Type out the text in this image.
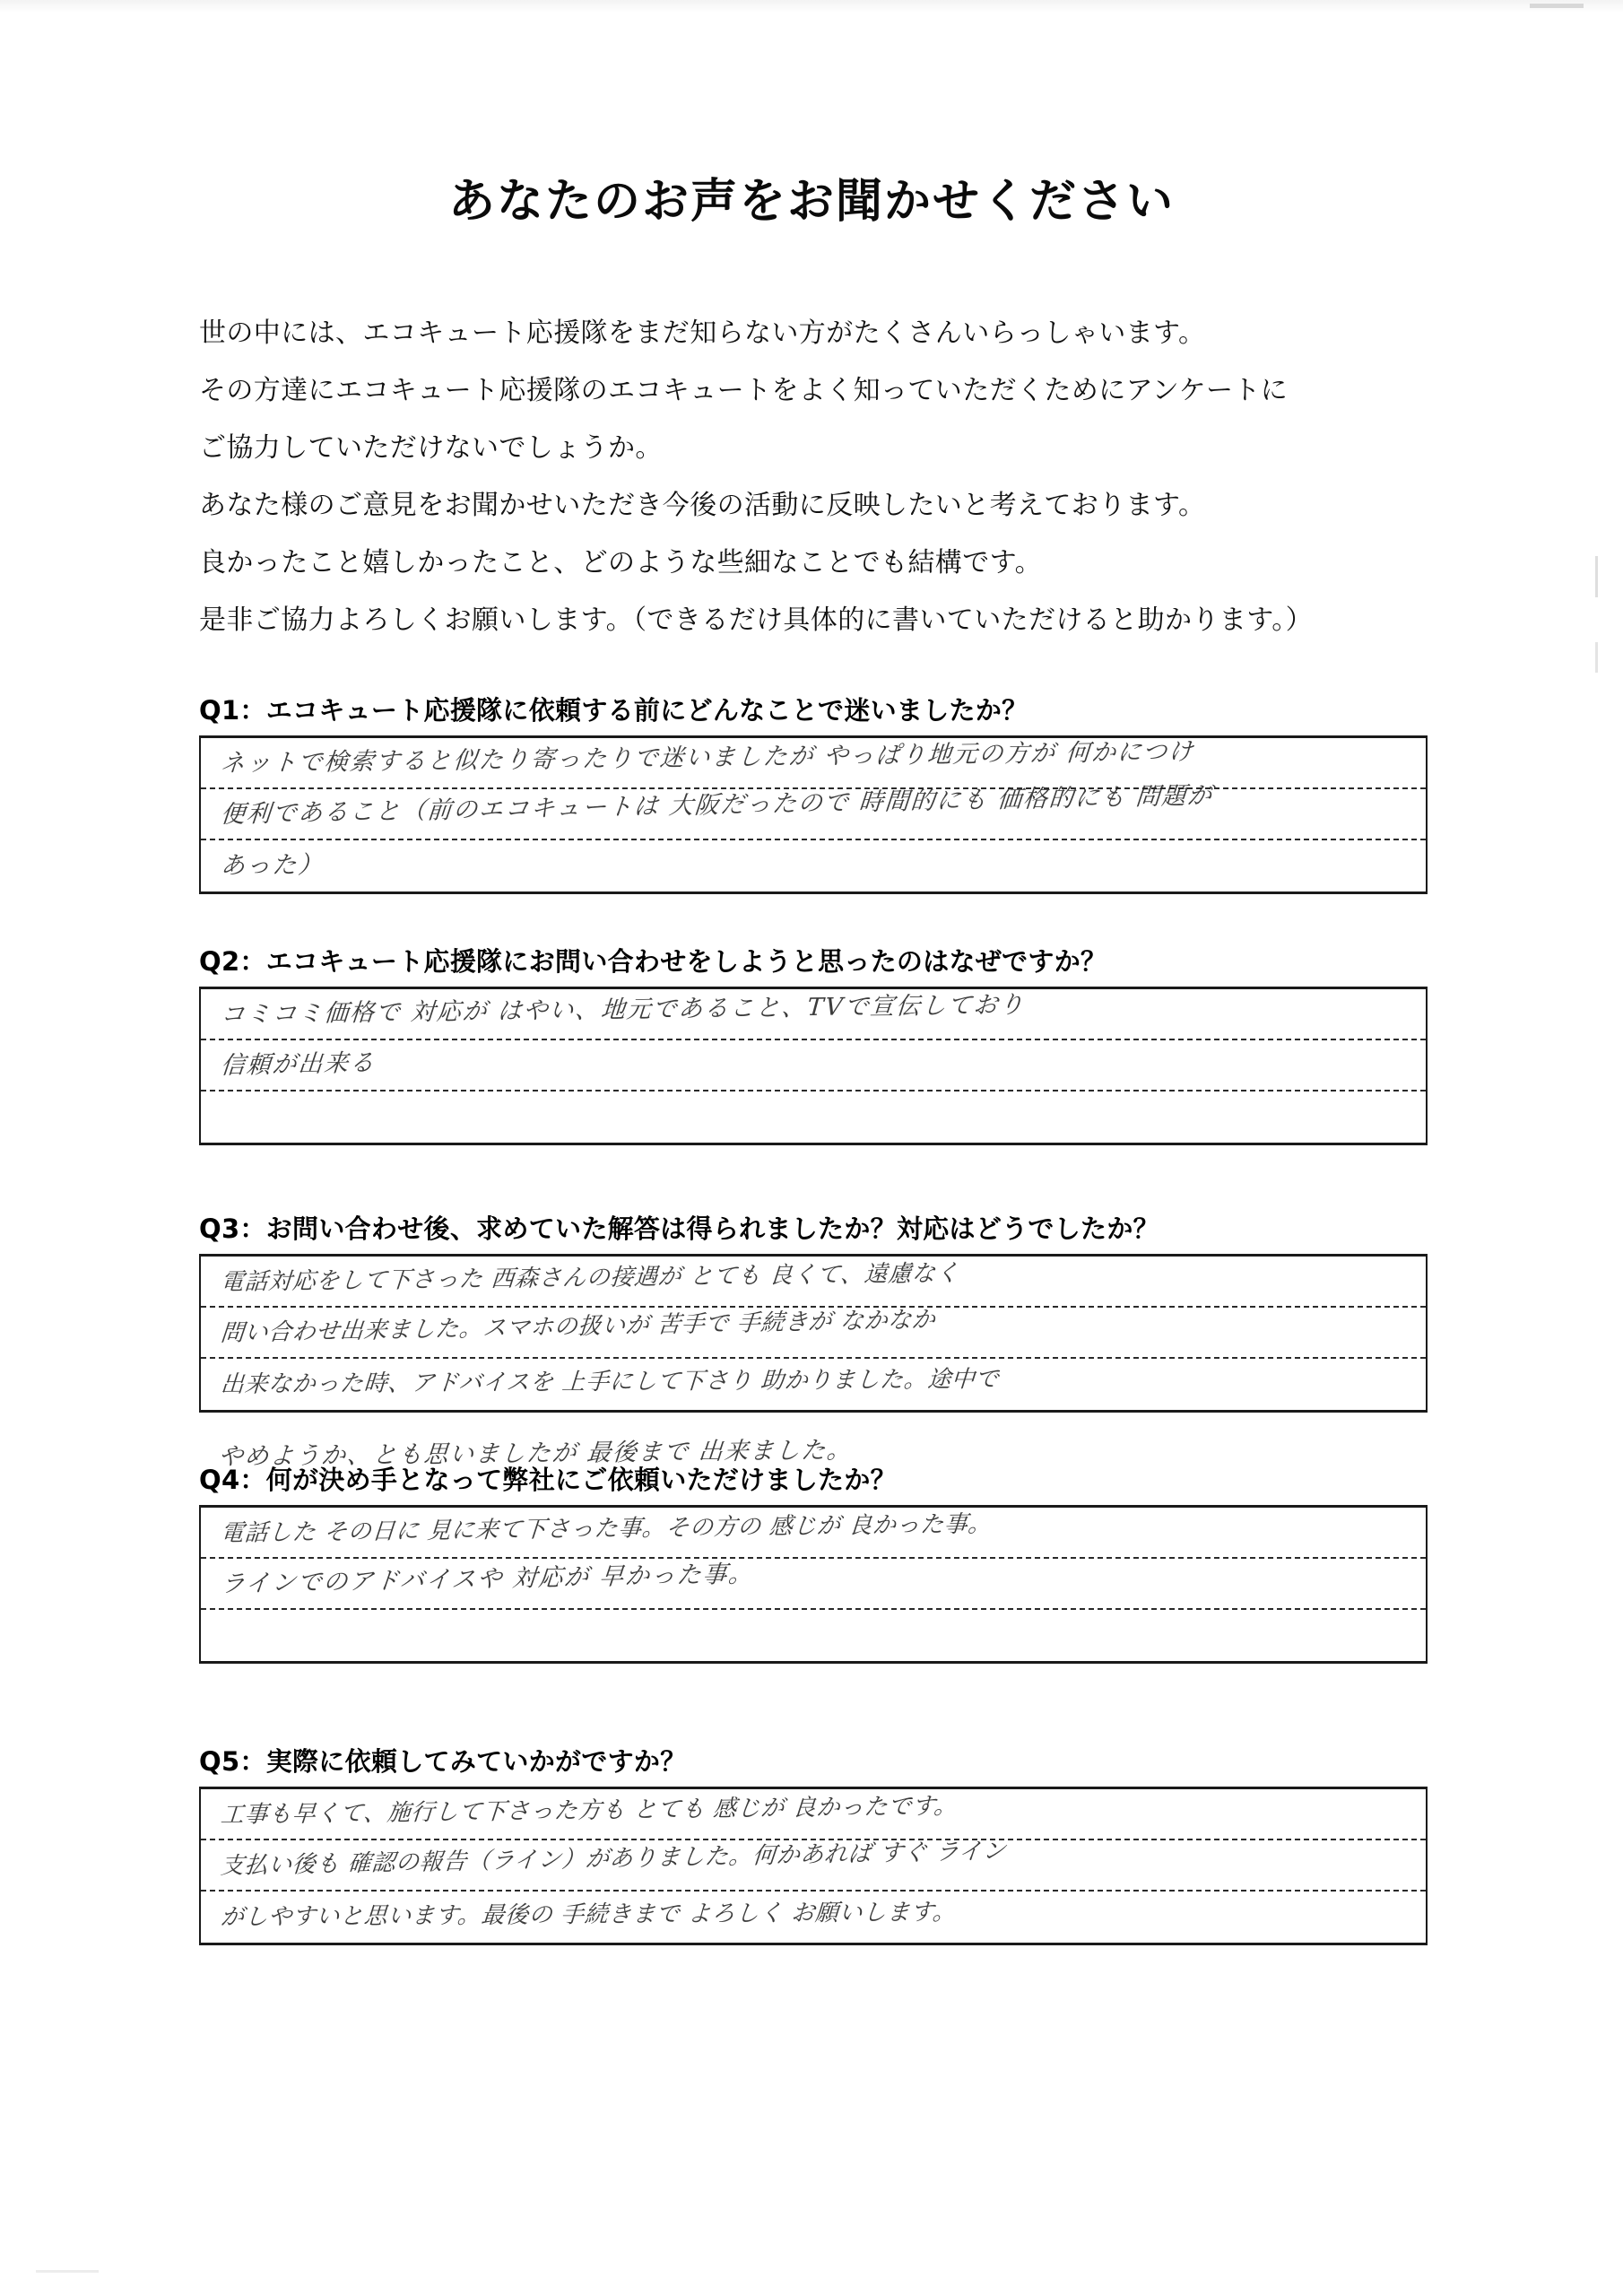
あなたのお声をお聞かせください
世の中には、エコキュート応援隊をまだ知らない方がたくさんいらっしゃいます。
その方達にエコキュート応援隊のエコキュートをよく知っていただくためにアンケートに
ご協力していただけないでしょうか。
あなた様のご意見をお聞かせいただき今後の活動に反映したいと考えております。
良かったこと嬉しかったこと、どのような些細なことでも結構です。
是非ご協力よろしくお願いします。（できるだけ具体的に書いていただけると助かります。）
Q1：エコキュート応援隊に依頼する前にどんなことで迷いましたか？
ネットで検索すると似たり寄ったりで迷いましたが やっぱり地元の方が 何かにつけ
便利であること（前のエコキュートは 大阪だったので 時間的にも 価格的にも 問題が
あった）
Q2：エコキュート応援隊にお問い合わせをしようと思ったのはなぜですか？
コミコミ価格で 対応が はやい、地元であること、TVで宣伝しており
信頼が出来る
Q3：お問い合わせ後、求めていた解答は得られましたか？対応はどうでしたか？
電話対応をして下さった 西森さんの接遇が とても 良くて、遠慮なく
問い合わせ出来ました。スマホの扱いが 苦手で 手続きが なかなか
出来なかった時、アドバイスを 上手にして下さり 助かりました。途中で
やめようか、とも思いましたが 最後まで 出来ました。
Q4：何が決め手となって弊社にご依頼いただけましたか？
電話した その日に 見に来て下さった事。その方の 感じが 良かった事。
ラインでのアドバイスや 対応が 早かった事。
Q5：実際に依頼してみていかがですか？
工事も早くて、施行して下さった方も とても 感じが 良かったです。
支払い後も 確認の報告（ライン）がありました。何かあれば すぐ ライン
がしやすいと思います。最後の 手続きまで よろしく お願いします。
